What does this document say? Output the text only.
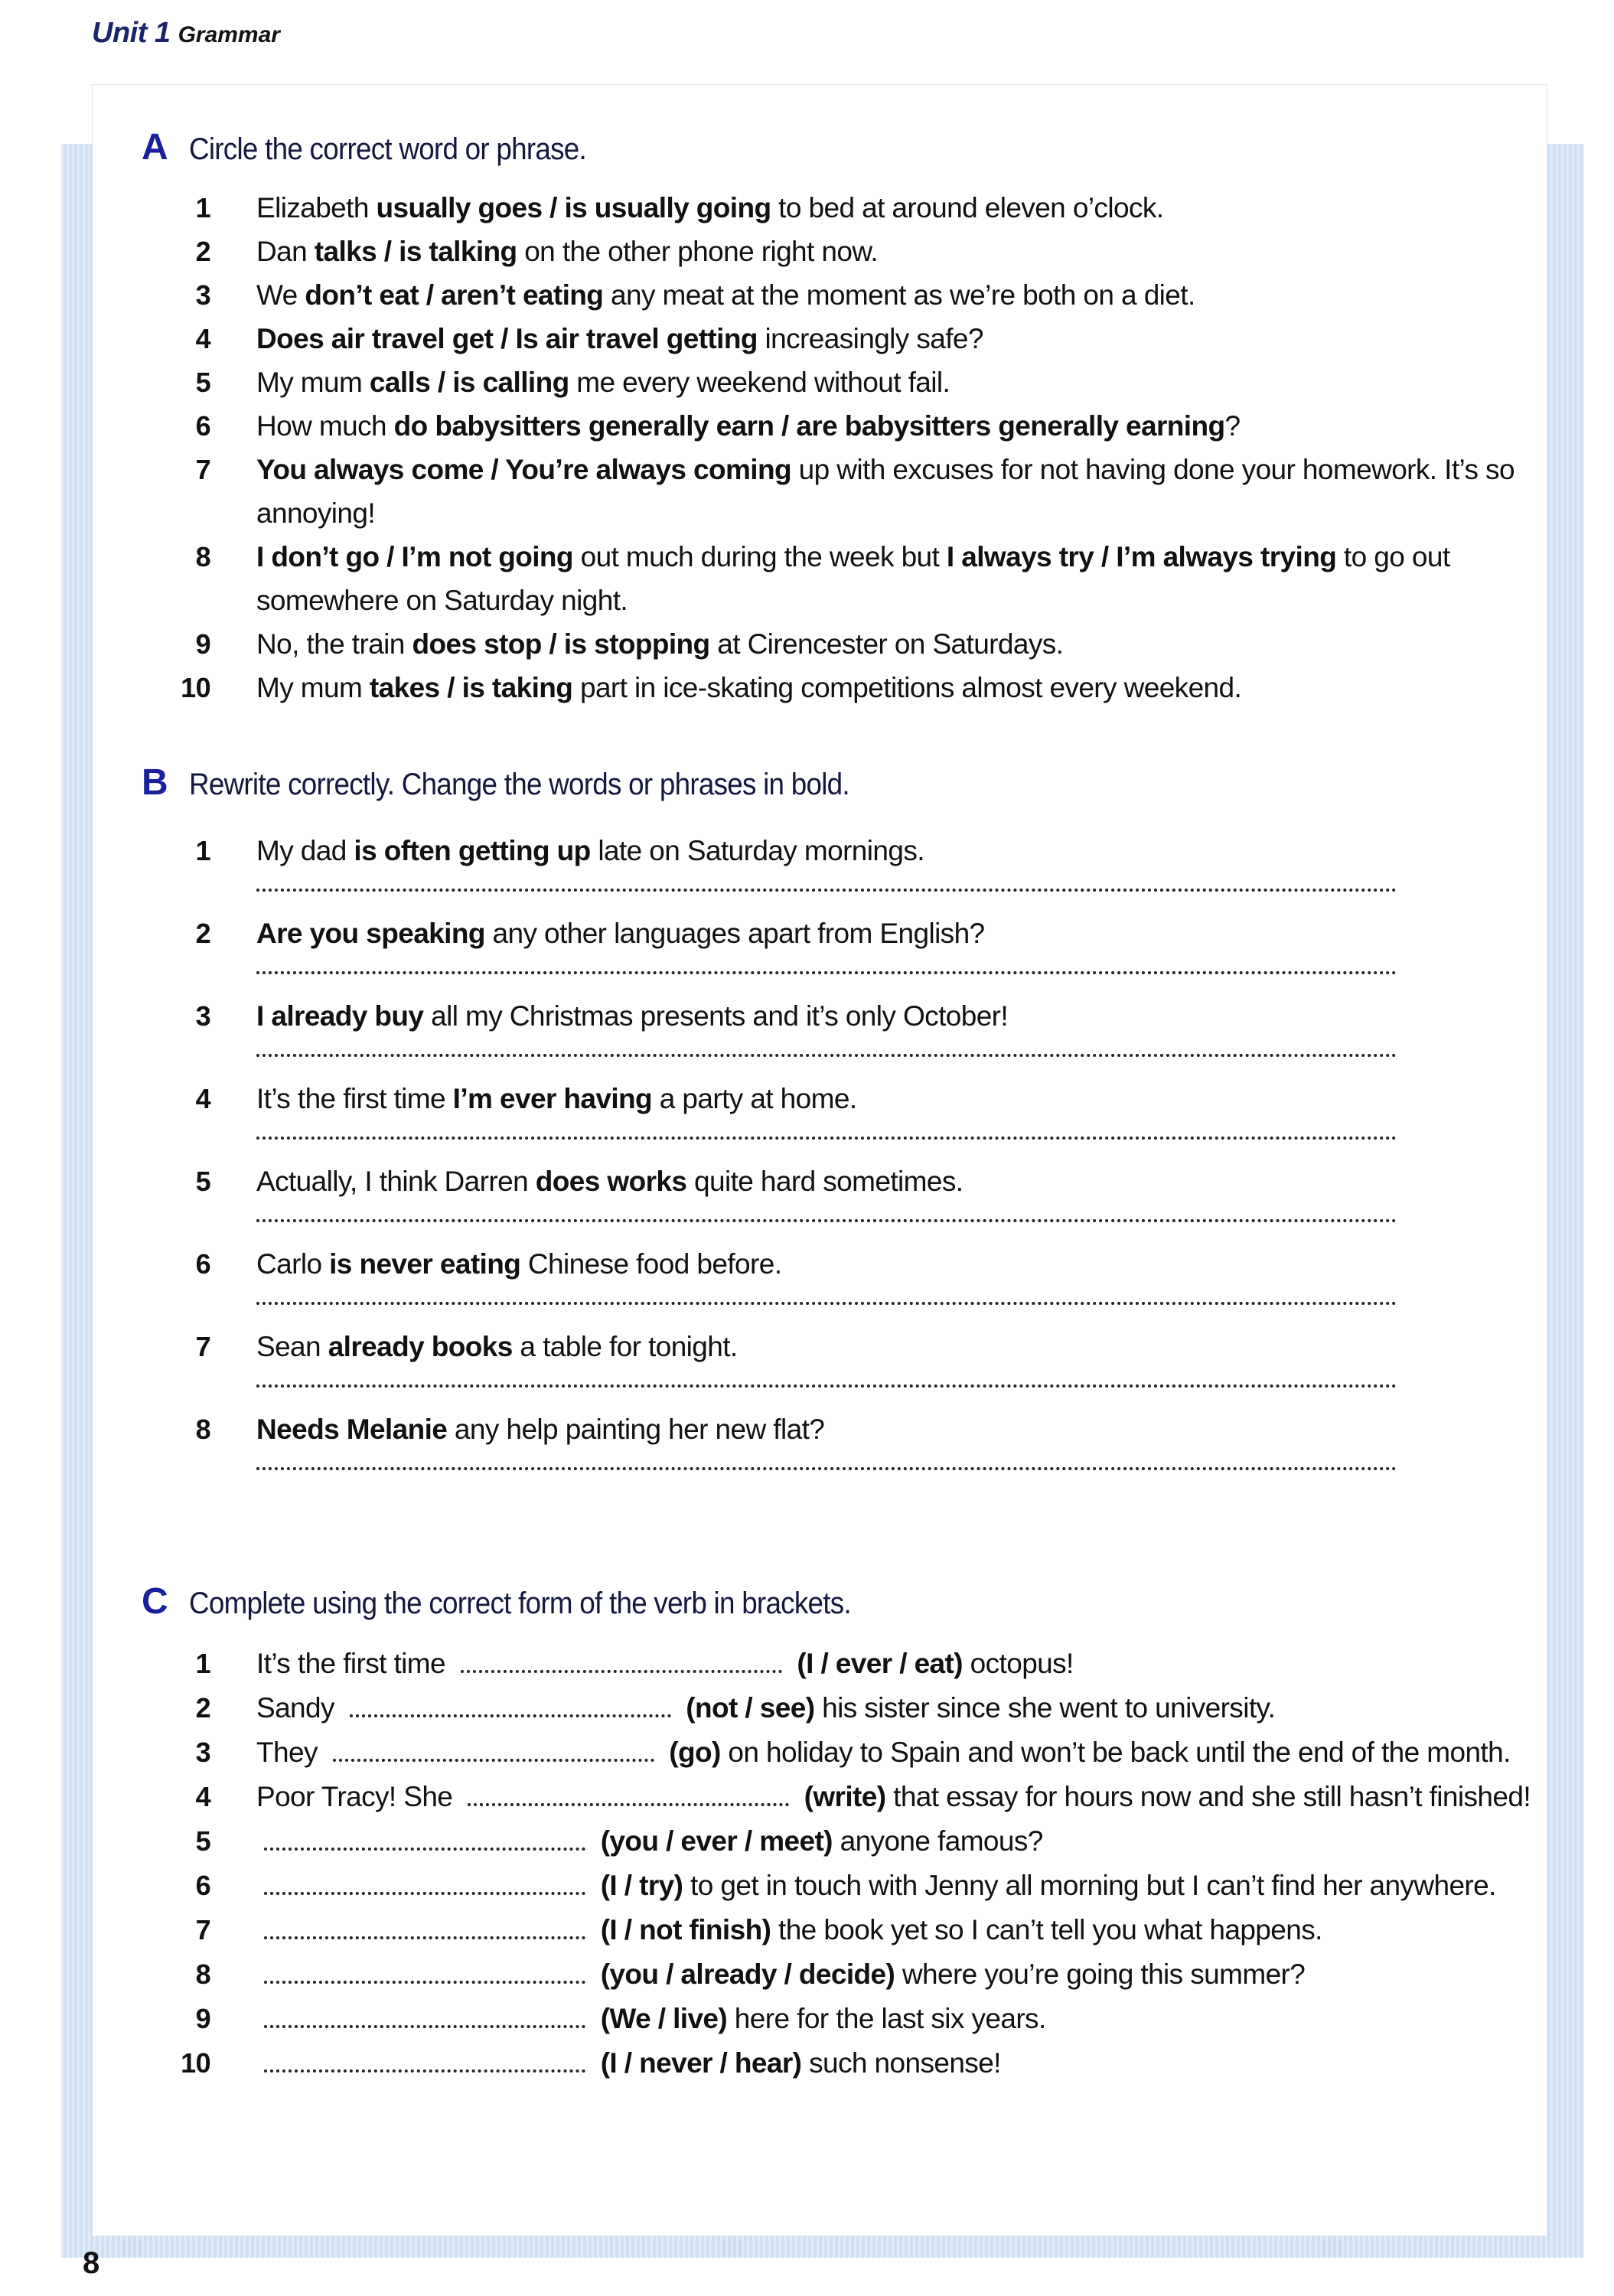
Unit 1 Grammar
A Circle the correct word or phrase.
1 Elizabeth usually goes / is usually going to bed at around eleven o’clock.
2 Dan talks / is talking on the other phone right now.
3 We don’t eat / aren’t eating any meat at the moment as we’re both on a diet.
4 Does air travel get / Is air travel getting increasingly safe?
5 My mum calls / is calling me every weekend without fail.
6 How much do babysitters generally earn / are babysitters generally earning?
7 You always come / You’re always coming up with excuses for not having done your homework. It’s so annoying!
8 I don’t go / I’m not going out much during the week but I always try / I’m always trying to go out somewhere on Saturday night.
9 No, the train does stop / is stopping at Cirencester on Saturdays.
10 My mum takes / is taking part in ice-skating competitions almost every weekend.
B Rewrite correctly. Change the words or phrases in bold.
1 My dad is often getting up late on Saturday mornings.
2 Are you speaking any other languages apart from English?
3 I already buy all my Christmas presents and it’s only October!
4 It’s the first time I’m ever having a party at home.
5 Actually, I think Darren does works quite hard sometimes.
6 Carlo is never eating Chinese food before.
7 Sean already books a table for tonight.
8 Needs Melanie any help painting her new flat?
C Complete using the correct form of the verb in brackets.
1 It’s the first time	(I / ever / eat) octopus!
2 Sandy	(not / see) his sister since she went to university.
3 They	(go) on holiday to Spain and won’t be back until the end of the month.
4 Poor Tracy! She	(write) that essay for hours now and she still hasn’t finished!
5	(you / ever / meet) anyone famous?
6	(I / try) to get in touch with Jenny all morning but I can’t find her anywhere.
7	(I / not finish) the book yet so I can’t tell you what happens.
8	(you / already / decide) where you’re going this summer?
9	(We / live) here for the last six years.
10	(I / never / hear) such nonsense!
8
